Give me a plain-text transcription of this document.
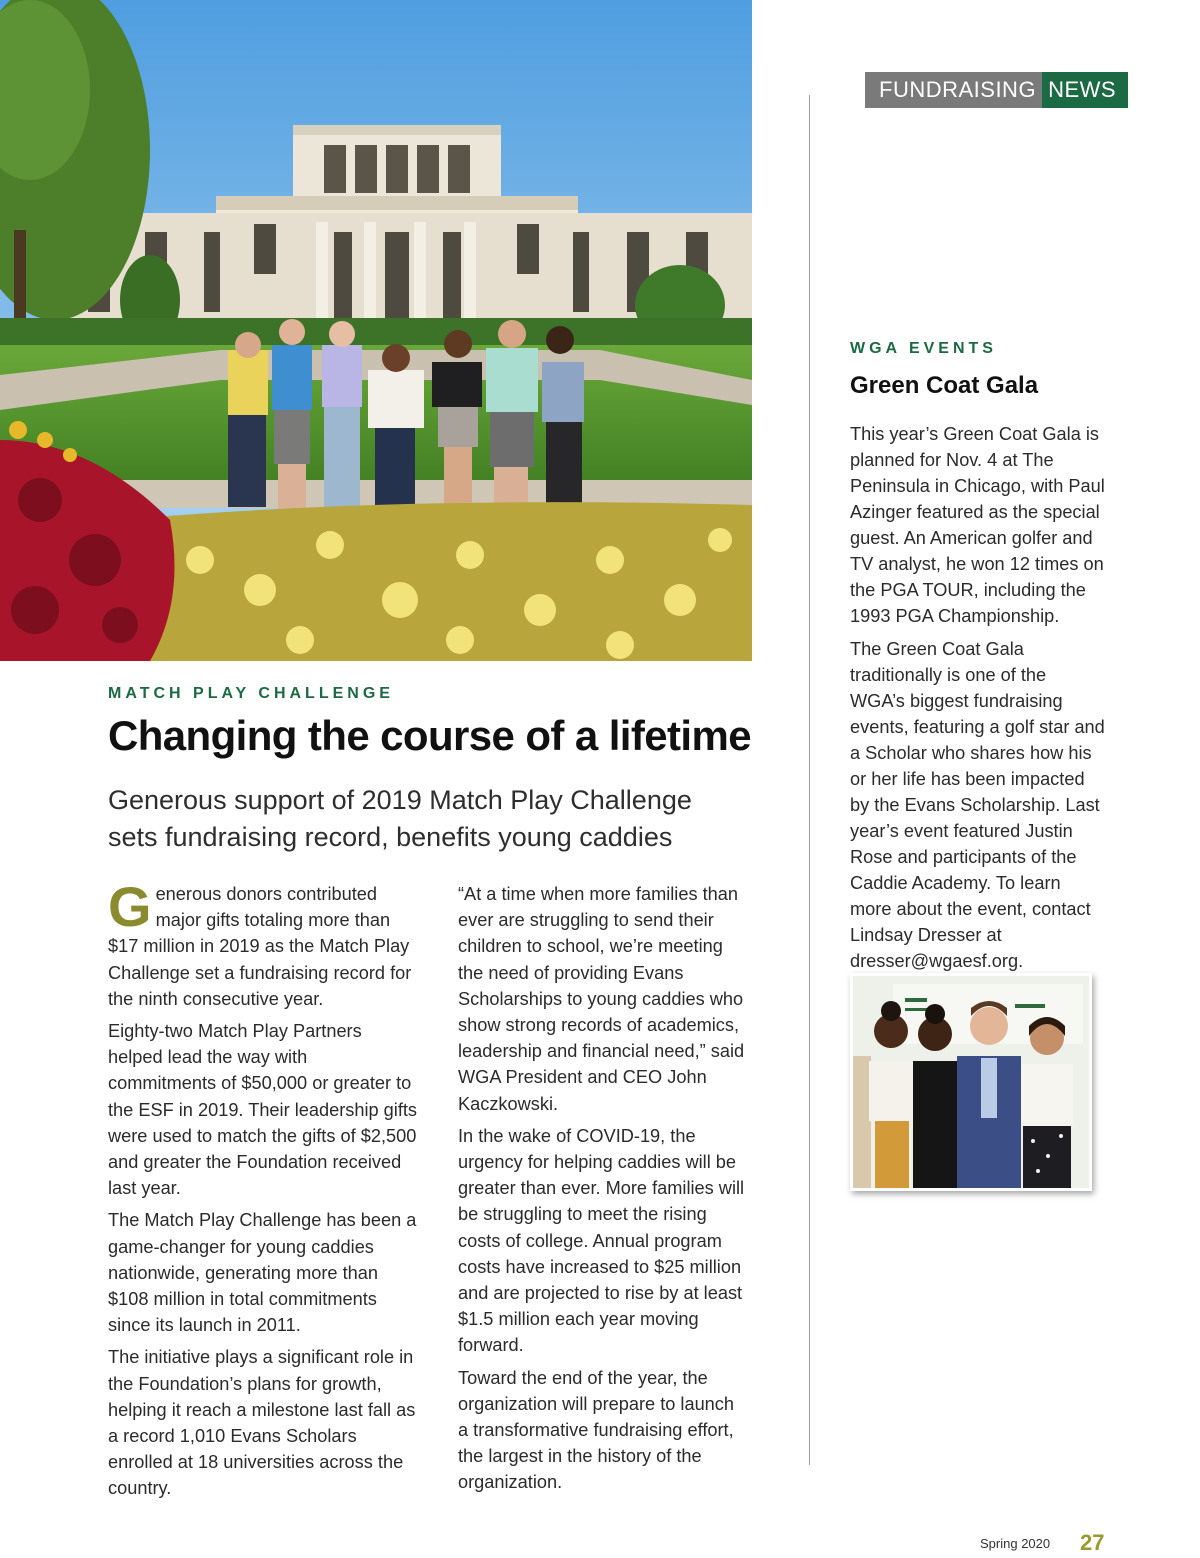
FUNDRAISING NEWS
MATCH PLAY CHALLENGE
Changing the course of a lifetime
Generous support of 2019 Match Play Challenge sets fundraising record, benefits young caddies

Generous donors contributed major gifts totaling more than $17 million in 2019 as the Match Play Challenge set a fundraising record for the ninth consecutive year.

Eighty-two Match Play Partners helped lead the way with commitments of $50,000 or greater to the ESF in 2019. Their leadership gifts were used to match the gifts of $2,500 and greater the Foundation received last year.

The Match Play Challenge has been a game-changer for young caddies nationwide, generating more than $108 million in total commitments since its launch in 2011.

The initiative plays a significant role in the Foundation’s plans for growth, helping it reach a milestone last fall as a record 1,010 Evans Scholars enrolled at 18 universities across the country.

“At a time when more families than ever are struggling to send their children to school, we’re meeting the need of providing Evans Scholarships to young caddies who show strong records of academics, leadership and financial need,” said WGA President and CEO John Kaczkowski.

In the wake of COVID-19, the urgency for helping caddies will be greater than ever. More families will be struggling to meet the rising costs of college. Annual program costs have increased to $25 million and are projected to rise by at least $1.5 million each year moving forward.

Toward the end of the year, the organization will prepare to launch a transformative fundraising effort, the largest in the history of the organization.

WGA EVENTS
Green Coat Gala

This year’s Green Coat Gala is planned for Nov. 4 at The Peninsula in Chicago, with Paul Azinger featured as the special guest. An American golfer and TV analyst, he won 12 times on the PGA TOUR, including the 1993 PGA Championship.

The Green Coat Gala traditionally is one of the WGA’s biggest fundraising events, featuring a golf star and a Scholar who shares how his or her life has been impacted by the Evans Scholarship. Last year’s event featured Justin Rose and participants of the Caddie Academy. To learn more about the event, contact Lindsay Dresser at dresser@wgaesf.org.

Spring 2020 27
